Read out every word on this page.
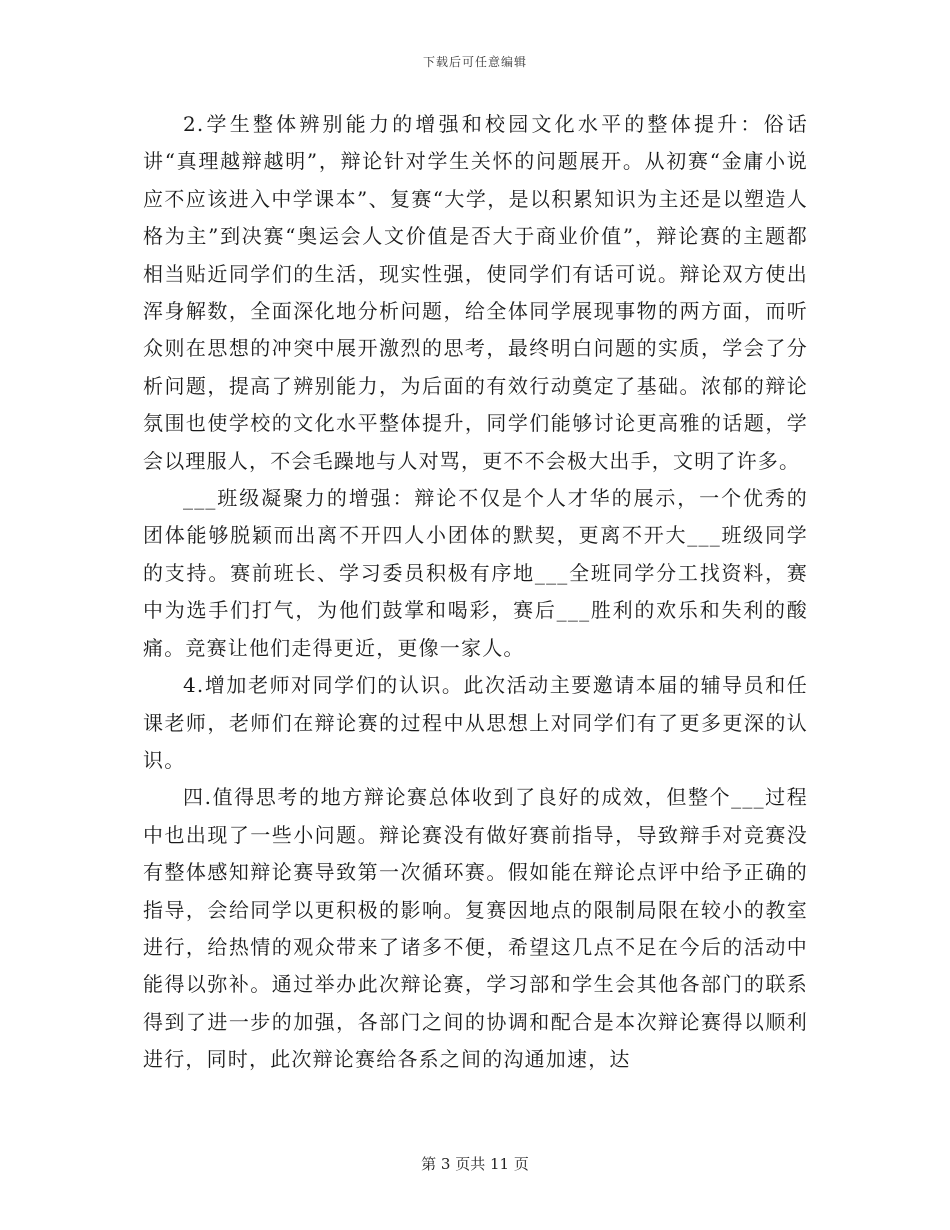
下载后可任意编辑

2.学生整体辨别能力的增强和校园文化水平的整体提升：俗话讲“真理越辩越明”，辩论针对学生关怀的问题展开。从初赛“金庸小说应不应该进入中学课本”、复赛“大学，是以积累知识为主还是以塑造人格为主”到决赛“奥运会人文价值是否大于商业价值”，辩论赛的主题都相当贴近同学们的生活，现实性强，使同学们有话可说。辩论双方使出浑身解数，全面深化地分析问题，给全体同学展现事物的两方面，而听众则在思想的冲突中展开激烈的思考，最终明白问题的实质，学会了分析问题，提高了辨别能力，为后面的有效行动奠定了基础。浓郁的辩论氛围也使学校的文化水平整体提升，同学们能够讨论更高雅的话题，学会以理服人，不会毛躁地与人对骂，更不不会极大出手，文明了许多。

___班级凝聚力的增强：辩论不仅是个人才华的展示，一个优秀的团体能够脱颖而出离不开四人小团体的默契，更离不开大___班级同学的支持。赛前班长、学习委员积极有序地___全班同学分工找资料，赛中为选手们打气，为他们鼓掌和喝彩，赛后___胜利的欢乐和失利的酸痛。竞赛让他们走得更近，更像一家人。

4.增加老师对同学们的认识。此次活动主要邀请本届的辅导员和任课老师，老师们在辩论赛的过程中从思想上对同学们有了更多更深的认识。

四.值得思考的地方辩论赛总体收到了良好的成效，但整个___过程中也出现了一些小问题。辩论赛没有做好赛前指导，导致辩手对竞赛没有整体感知辩论赛导致第一次循环赛。假如能在辩论点评中给予正确的指导，会给同学以更积极的影响。复赛因地点的限制局限在较小的教室进行，给热情的观众带来了诸多不便，希望这几点不足在今后的活动中能得以弥补。通过举办此次辩论赛，学习部和学生会其他各部门的联系得到了进一步的加强，各部门之间的协调和配合是本次辩论赛得以顺利进行，同时，此次辩论赛给各系之间的沟通加速，达

第 3 页共 11 页
